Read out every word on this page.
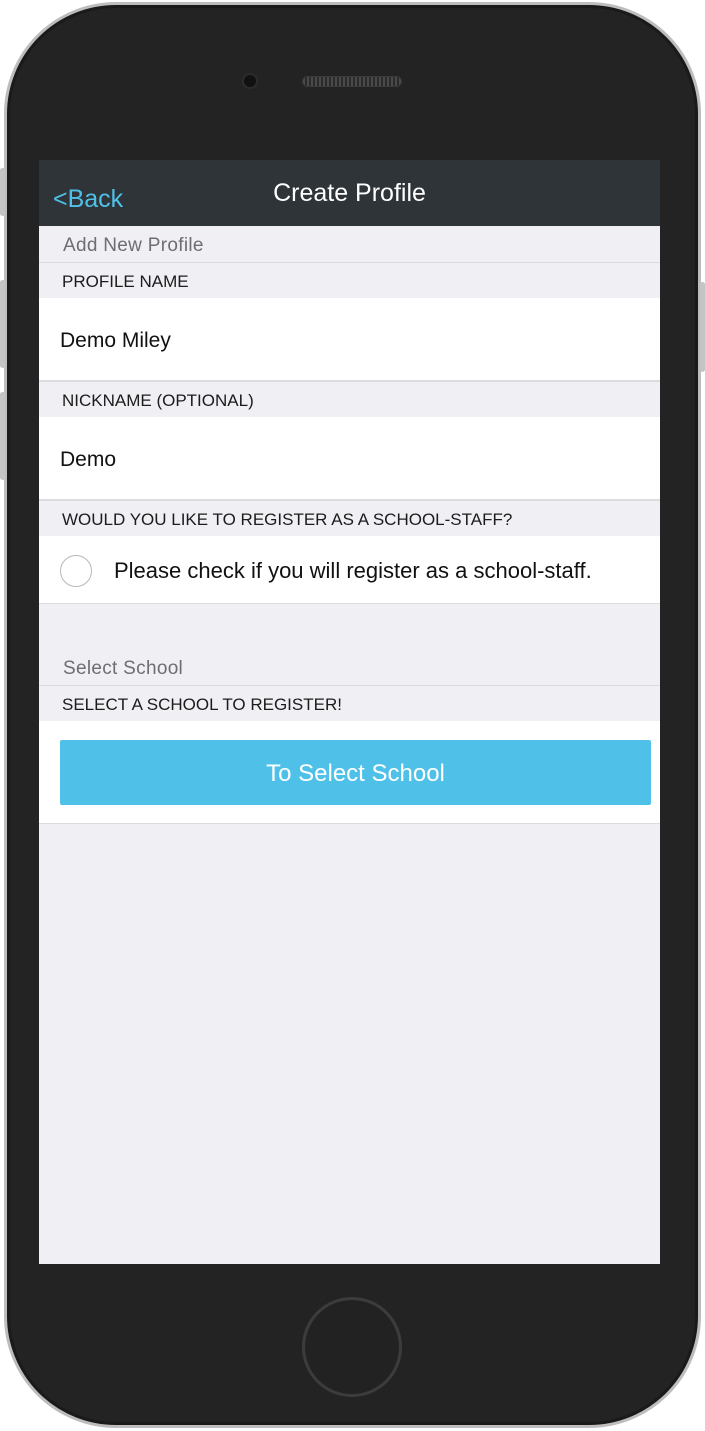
<Back	Create Profile
Add New Profile
PROFILE NAME
Demo Miley
NICKNAME (OPTIONAL)
Demo
WOULD YOU LIKE TO REGISTER AS A SCHOOL-STAFF?
Please check if you will register as a school-staff.
Select School
SELECT A SCHOOL TO REGISTER!
To Select School
